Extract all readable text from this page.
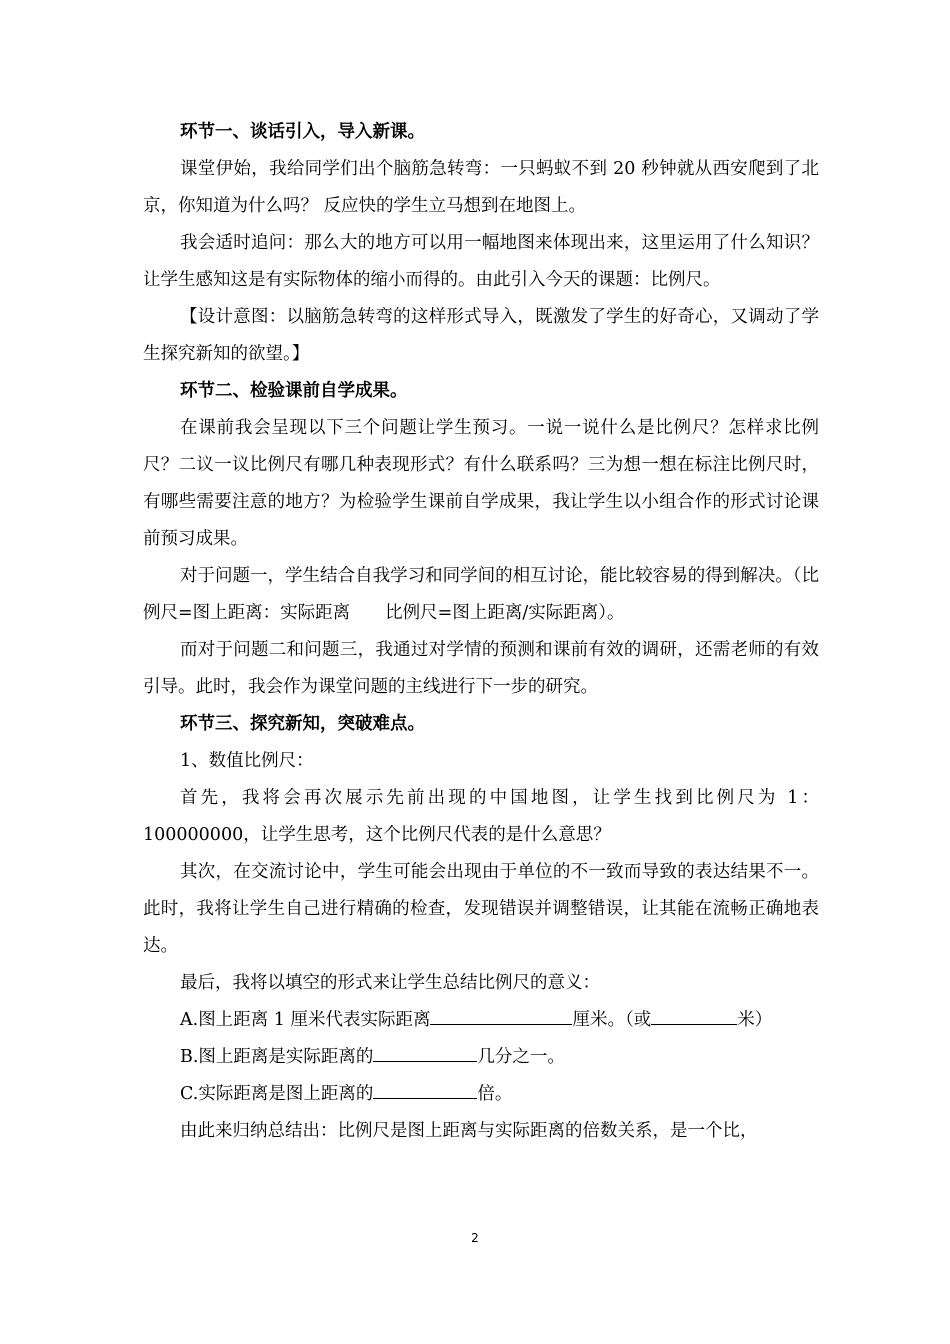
环节一、谈话引入，导入新课。

课堂伊始，我给同学们出个脑筋急转弯：一只蚂蚁不到 20 秒钟就从西安爬到了北京，你知道为什么吗？ 反应快的学生立马想到在地图上。

我会适时追问：那么大的地方可以用一幅地图来体现出来，这里运用了什么知识？ 让学生感知这是有实际物体的缩小而得的。由此引入今天的课题：比例尺。

【设计意图：以脑筋急转弯的这样形式导入，既激发了学生的好奇心，又调动了学生探究新知的欲望。】

环节二、检验课前自学成果。

在课前我会呈现以下三个问题让学生预习。一说一说什么是比例尺？怎样求比例尺？二议一议比例尺有哪几种表现形式？有什么联系吗？三为想一想在标注比例尺时，有哪些需要注意的地方？为检验学生课前自学成果，我让学生以小组合作的形式讨论课前预习成果。

对于问题一，学生结合自我学习和同学间的相互讨论，能比较容易的得到解决。（比例尺=图上距离：实际距离　　比例尺=图上距离/实际距离）。

而对于问题二和问题三，我通过对学情的预测和课前有效的调研，还需老师的有效引导。此时，我会作为课堂问题的主线进行下一步的研究。

环节三、探究新知，突破难点。

1、数值比例尺：

首先，我将会再次展示先前出现的中国地图，让学生找到比例尺为 1：100000000，让学生思考，这个比例尺代表的是什么意思？

其次，在交流讨论中，学生可能会出现由于单位的不一致而导致的表达结果不一。此时，我将让学生自己进行精确的检查，发现错误并调整错误，让其能在流畅正确地表达。

最后，我将以填空的形式来让学生总结比例尺的意义：

A.图上距离 1 厘米代表实际距离	厘米。（或	米）

B.图上距离是实际距离的	几分之一。

C.实际距离是图上距离的	倍。

由此来归纳总结出：比例尺是图上距离与实际距离的倍数关系，是一个比，

2
